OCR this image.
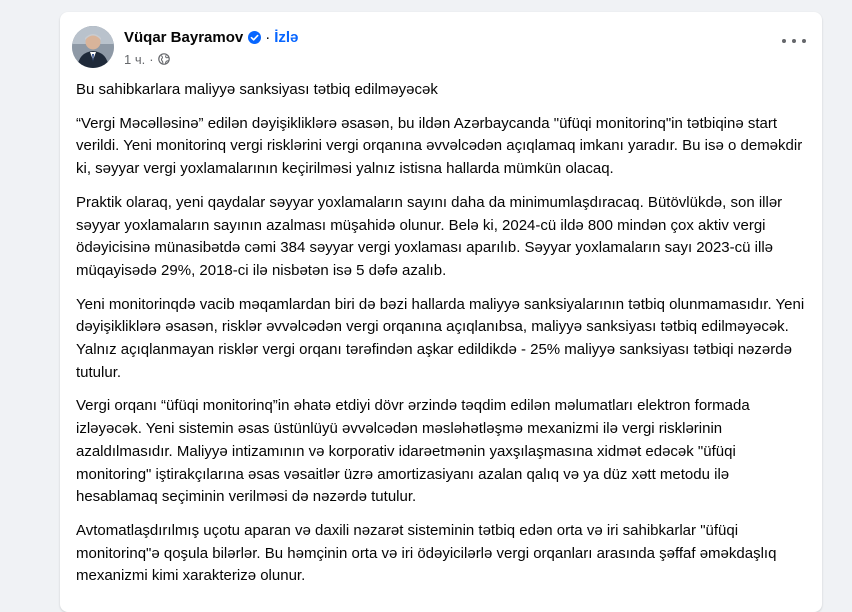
Vüqar Bayramov · İzlə
1 ч. ·

Bu sahibkarlara maliyyə sanksiyası tətbiq edilməyəcək

“Vergi Məcəlləsinə” edilən dəyişikliklərə əsasən, bu ildən Azərbaycanda "üfüqi monitorinq"in tətbiqinə start verildi. Yeni monitorinq vergi risklərini vergi orqanına əvvəlcədən açıqlamaq imkanı yaradır. Bu isə o deməkdir ki, səyyar vergi yoxlamalarının keçirilməsi yalnız istisna hallarda mümkün olacaq.

Praktik olaraq, yeni qaydalar səyyar yoxlamaların sayını daha da minimumlaşdıracaq. Bütövlükdə, son illər səyyar yoxlamaların sayının azalması müşahidə olunur. Belə ki, 2024-cü ildə 800 mindən çox aktiv vergi ödəyicisinə münasibətdə cəmi 384 səyyar vergi yoxlaması aparılıb. Səyyar yoxlamaların sayı 2023-cü illə müqayisədə 29%, 2018-ci ilə nisbətən isə 5 dəfə azalıb.

Yeni monitorinqdə vacib məqamlardan biri də bəzi hallarda maliyyə sanksiyalarının tətbiq olunmamasıdır. Yeni dəyişikliklərə əsasən, risklər əvvəlcədən vergi orqanına açıqlanıbsa, maliyyə sanksiyası tətbiq edilməyəcək. Yalnız açıqlanmayan risklər vergi orqanı tərəfindən aşkar edildikdə - 25% maliyyə sanksiyası tətbiqi nəzərdə tutulur.

Vergi orqanı “üfüqi monitorinq”in əhatə etdiyi dövr ərzində təqdim edilən məlumatları elektron formada izləyəcək. Yeni sistemin əsas üstünlüyü əvvəlcədən məsləhətləşmə mexanizmi ilə vergi risklərinin azaldılmasıdır. Maliyyə intizamının və korporativ idarəetmənin yaxşılaşmasına xidmət edəcək "üfüqi monitoring" iştirakçılarına əsas vəsaitlər üzrə amortizasiyanı azalan qalıq və ya düz xətt metodu ilə hesablamaq seçiminin verilməsi də nəzərdə tutulur.

Avtomatlaşdırılmış uçotu aparan və daxili nəzarət sisteminin tətbiq edən orta və iri sahibkarlar "üfüqi monitorinq"ə qoşula bilərlər. Bu həmçinin orta və iri ödəyicilərlə vergi orqanları arasında şəffaf əməkdaşlıq mexanizmi kimi xarakterizə olunur.
